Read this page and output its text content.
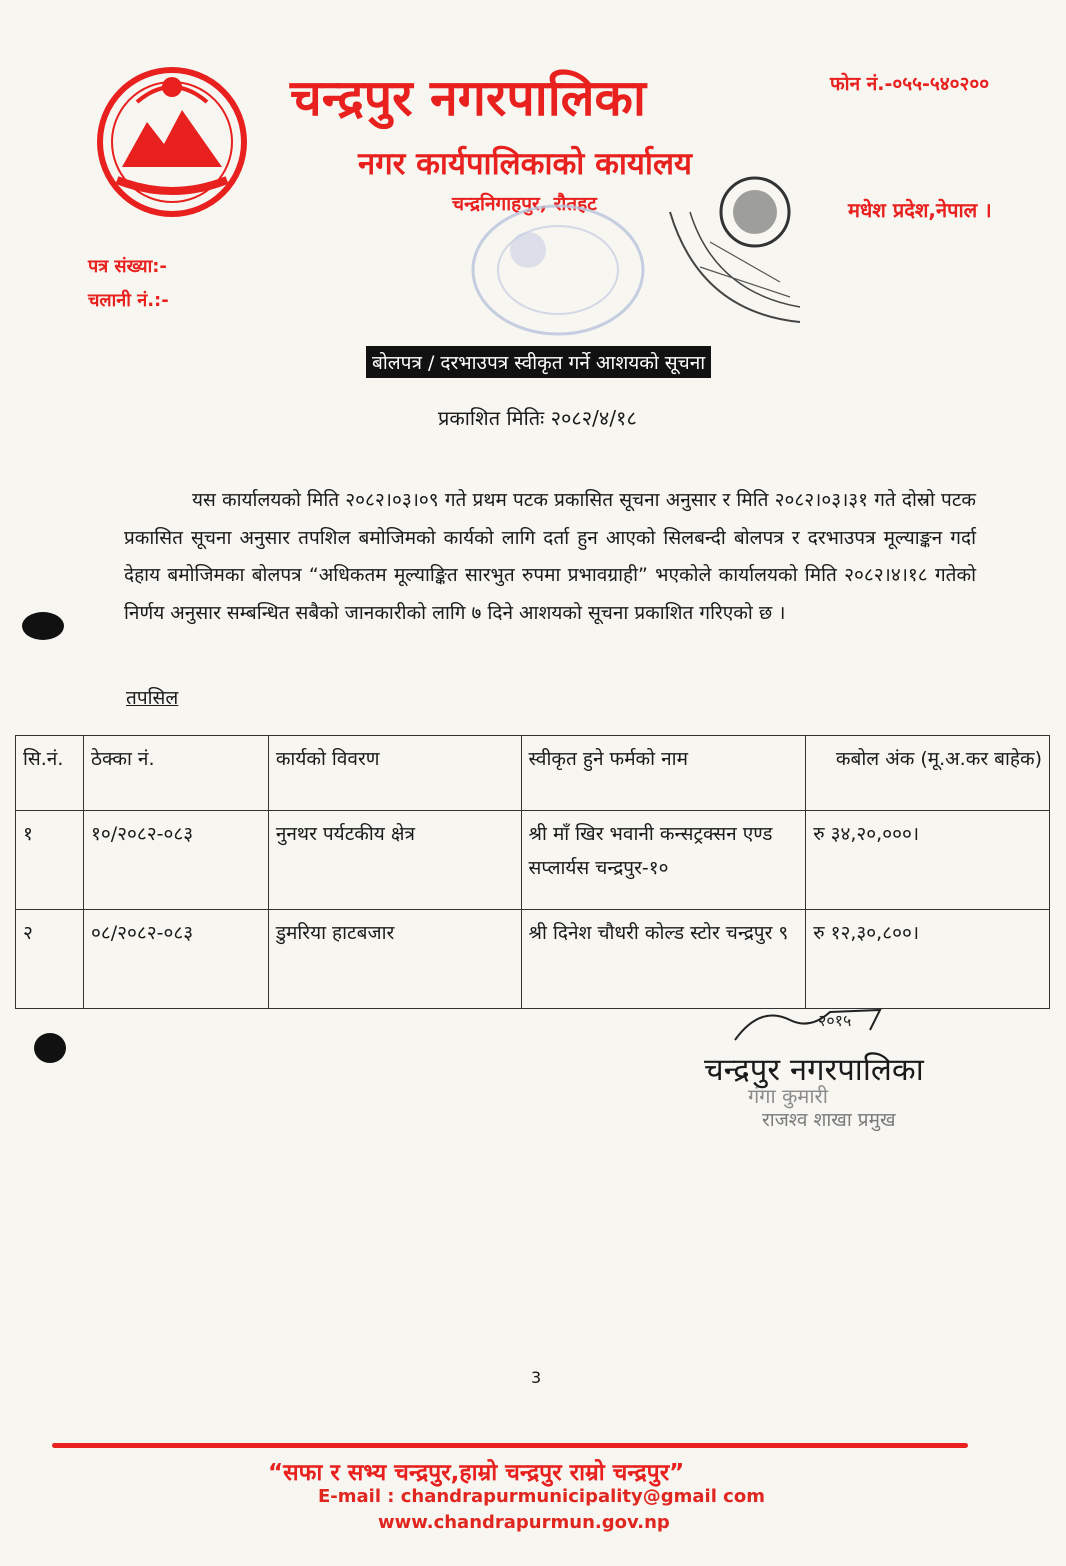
चन्द्रपुर नगरपालिका
नगर कार्यपालिकाको कार्यालय
चन्द्रनिगाहपुर, रौतहट
फोन नं.-०५५-५४०२००
मधेश प्रदेश,नेपाल ।
पत्र संख्या:-
चलानी नं.:-
बोलपत्र / दरभाउपत्र स्वीकृत गर्ने आशयको सूचना
प्रकाशित मितिः २०८२/४/१८
यस कार्यालयको मिति २०८२।०३।०९ गते प्रथम पटक प्रकासित सूचना अनुसार र मिति २०८२।०३।३१ गते दोस्रो पटक प्रकासित सूचना अनुसार तपशिल बमोजिमको कार्यको लागि दर्ता हुन आएको सिलबन्दी बोलपत्र र दरभाउपत्र मूल्याङ्कन गर्दा देहाय बमोजिमका बोलपत्र “अधिकतम मूल्याङ्कित सारभुत रुपमा प्रभावग्राही” भएकोले कार्यालयको मिति २०८२।४।१८ गतेको निर्णय अनुसार सम्बन्धित सबैको जानकारीको लागि ७ दिने आशयको सूचना प्रकाशित गरिएको छ ।
तपसिल
सि.नं.	ठेक्का नं.	कार्यको विवरण	स्वीकृत हुने फर्मको नाम	कबोल अंक (मू.अ.कर बाहेक)
१	१०/२०८२-०८३	नुनथर पर्यटकीय क्षेत्र	श्री माँ खिर भवानी कन्सट्रक्सन एण्ड सप्लार्यस चन्द्रपुर-१०	रु ३४,२०,०००।
२	०८/२०८२-०८३	डुमरिया हाटबजार	श्री दिनेश चौधरी कोल्ड स्टोर चन्द्रपुर ९	रु १२,३०,८००।
२०१५
चन्द्रपुर नगरपालिका
गंगा कुमारी
राजश्व शाखा प्रमुख
3
“सफा र सभ्य चन्द्रपुर,हाम्रो चन्द्रपुर राम्रो चन्द्रपुर”
E-mail : chandrapurmunicipality@gmail com
www.chandrapurmun.gov.np
